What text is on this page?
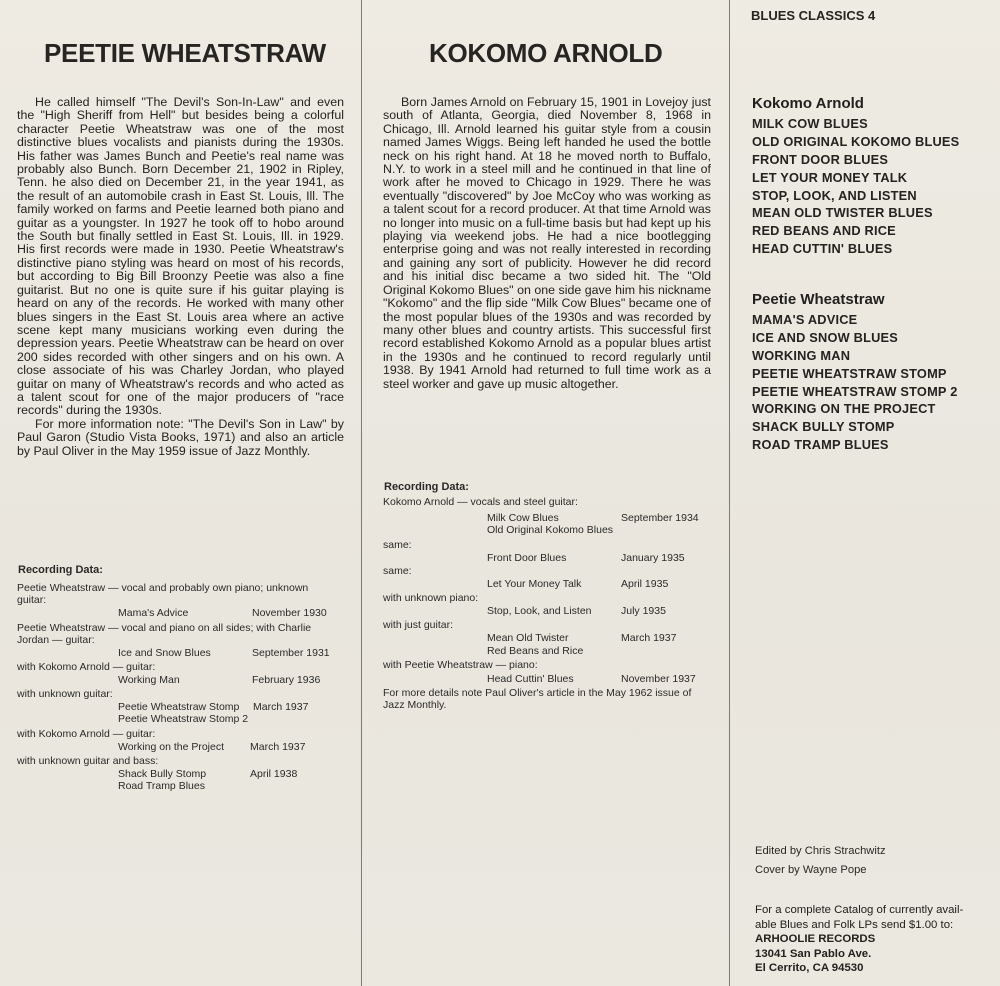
PEETIE WHEATSTRAW

He called himself "The Devil's Son-In-Law" and even the "High Sheriff from Hell" but besides being a colorful character Peetie Wheatstraw was one of the most distinctive blues vocalists and pianists during the 1930s. His father was James Bunch and Peetie's real name was probably also Bunch. Born December 21, 1902 in Ripley, Tenn. he also died on December 21, in the year 1941, as the result of an automobile crash in East St. Louis, Ill. The family worked on farms and Peetie learned both piano and guitar as a youngster. In 1927 he took off to hobo around the South but finally settled in East St. Louis, Ill. in 1929. His first records were made in 1930. Peetie Wheatstraw's distinctive piano styling was heard on most of his records, but according to Big Bill Broonzy Peetie was also a fine guitarist. But no one is quite sure if his guitar playing is heard on any of the records. He worked with many other blues singers in the East St. Louis area where an active scene kept many musicians working even during the depression years. Peetie Wheatstraw can be heard on over 200 sides recorded with other singers and on his own. A close associate of his was Charley Jordan, who played guitar on many of Wheatstraw's records and who acted as a talent scout for one of the major producers of "race records" during the 1930s.

For more information note: "The Devil's Son in Law" by Paul Garon (Studio Vista Books, 1971) and also an article by Paul Oliver in the May 1959 issue of Jazz Monthly.

Recording Data:
Peetie Wheatstraw — vocal and probably own piano; unknown
guitar:
Mama's Advice	November 1930
Peetie Wheatstraw — vocal and piano on all sides; with Charlie
Jordan — guitar:
Ice and Snow Blues	September 1931
with Kokomo Arnold — guitar:
Working Man	February 1936
with unknown guitar:
Peetie Wheatstraw Stomp March 1937
Peetie Wheatstraw Stomp 2
with Kokomo Arnold — guitar:
Working on the Project March 1937
with unknown guitar and bass:
Shack Bully Stomp	April 1938
Road Tramp Blues
KOKOMO ARNOLD

Born James Arnold on February 15, 1901 in Lovejoy just south of Atlanta, Georgia, died November 8, 1968 in Chicago, Ill. Arnold learned his guitar style from a cousin named James Wiggs. Being left handed he used the bottle neck on his right hand. At 18 he moved north to Buffalo, N.Y. to work in a steel mill and he continued in that line of work after he moved to Chicago in 1929. There he was eventually "discovered" by Joe McCoy who was working as a talent scout for a record producer. At that time Arnold was no longer into music on a full-time basis but had kept up his playing via weekend jobs. He had a nice bootlegging enterprise going and was not really interested in recording and gaining any sort of publicity. However he did record and his initial disc became a two sided hit. The "Old Original Kokomo Blues" on one side gave him his nickname "Kokomo" and the flip side "Milk Cow Blues" became one of the most popular blues of the 1930s and was recorded by many other blues and country artists. This successful first record established Kokomo Arnold as a popular blues artist in the 1930s and he continued to record regularly until 1938. By 1941 Arnold had returned to full time work as a steel worker and gave up music altogether.

Recording Data:
Kokomo Arnold — vocals and steel guitar:
Milk Cow Blues	September 1934
Old Original Kokomo Blues
same:
Front Door Blues	January 1935
same:
Let Your Money Talk	April 1935
with unknown piano:
Stop, Look, and Listen	July 1935
with just guitar:
Mean Old Twister	March 1937
Red Beans and Rice
with Peetie Wheatstraw — piano:
Head Cuttin' Blues	November 1937
For more details note Paul Oliver's article in the May 1962 issue of Jazz Monthly.
BLUES CLASSICS 4
Kokomo Arnold
MILK COW BLUES
OLD ORIGINAL KOKOMO BLUES
FRONT DOOR BLUES
LET YOUR MONEY TALK
STOP, LOOK, AND LISTEN
MEAN OLD TWISTER BLUES
RED BEANS AND RICE
HEAD CUTTIN' BLUES
Peetie Wheatstraw
MAMA'S ADVICE
ICE AND SNOW BLUES
WORKING MAN
PEETIE WHEATSTRAW STOMP
PEETIE WHEATSTRAW STOMP 2
WORKING ON THE PROJECT
SHACK BULLY STOMP
ROAD TRAMP BLUES
Edited by Chris Strachwitz
Cover by Wayne Pope
For a complete Catalog of currently avail-
able Blues and Folk LPs send $1.00 to:
ARHOOLIE RECORDS
13041 San Pablo Ave.
El Cerrito, CA 94530
